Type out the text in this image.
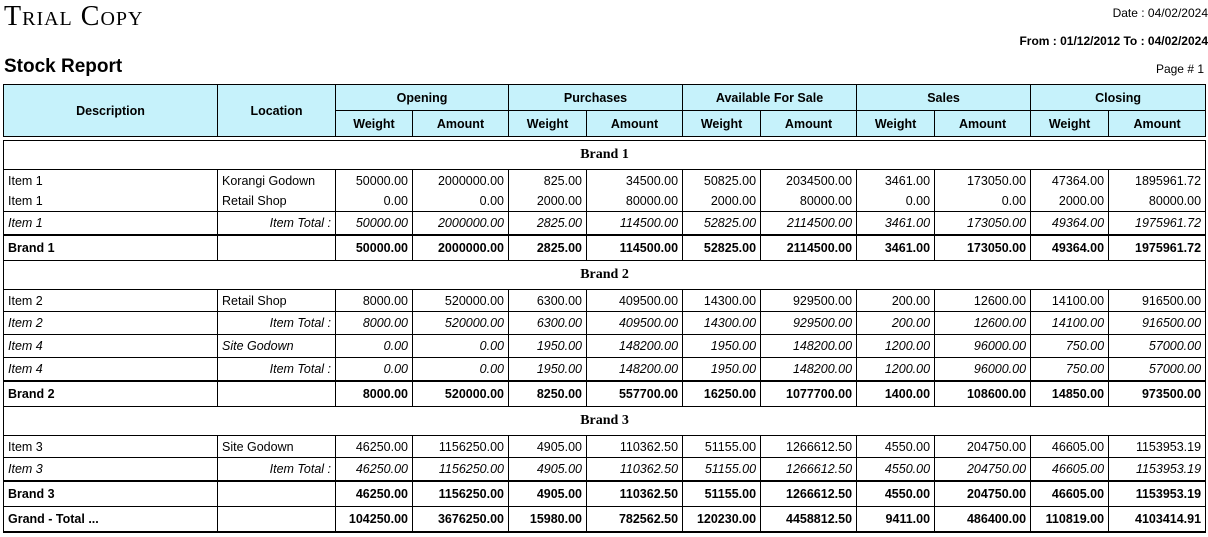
Trial Copy	Date : 04/02/2024
From : 01/12/2012 To : 04/02/2024
Stock Report	Page # 1
Description	Location	Opening		Purchases		Available For Sale		Sales		Closing	
		Weight	Amount	Weight	Amount	Weight	Amount	Weight	Amount	Weight	Amount

Brand 1											
Item 1	Korangi Godown	50000.00	2000000.00	825.00	34500.00	50825.00	2034500.00	3461.00	173050.00	47364.00	1895961.72
Item 1	Retail Shop	0.00	0.00	2000.00	80000.00	2000.00	80000.00	0.00	0.00	2000.00	80000.00
Item 1	Item Total :	50000.00	2000000.00	2825.00	114500.00	52825.00	2114500.00	3461.00	173050.00	49364.00	1975961.72
Brand 1		50000.00	2000000.00	2825.00	114500.00	52825.00	2114500.00	3461.00	173050.00	49364.00	1975961.72
Brand 2											
Item 2	Retail Shop	8000.00	520000.00	6300.00	409500.00	14300.00	929500.00	200.00	12600.00	14100.00	916500.00
Item 2	Item Total :	8000.00	520000.00	6300.00	409500.00	14300.00	929500.00	200.00	12600.00	14100.00	916500.00
Item 4	Site Godown	0.00	0.00	1950.00	148200.00	1950.00	148200.00	1200.00	96000.00	750.00	57000.00
Item 4	Item Total :	0.00	0.00	1950.00	148200.00	1950.00	148200.00	1200.00	96000.00	750.00	57000.00
Brand 2		8000.00	520000.00	8250.00	557700.00	16250.00	1077700.00	1400.00	108600.00	14850.00	973500.00
Brand 3											
Item 3	Site Godown	46250.00	1156250.00	4905.00	110362.50	51155.00	1266612.50	4550.00	204750.00	46605.00	1153953.19
Item 3	Item Total :	46250.00	1156250.00	4905.00	110362.50	51155.00	1266612.50	4550.00	204750.00	46605.00	1153953.19
Brand 3		46250.00	1156250.00	4905.00	110362.50	51155.00	1266612.50	4550.00	204750.00	46605.00	1153953.19
Grand - Total ...		104250.00	3676250.00	15980.00	782562.50	120230.00	4458812.50	9411.00	486400.00	110819.00	4103414.91
